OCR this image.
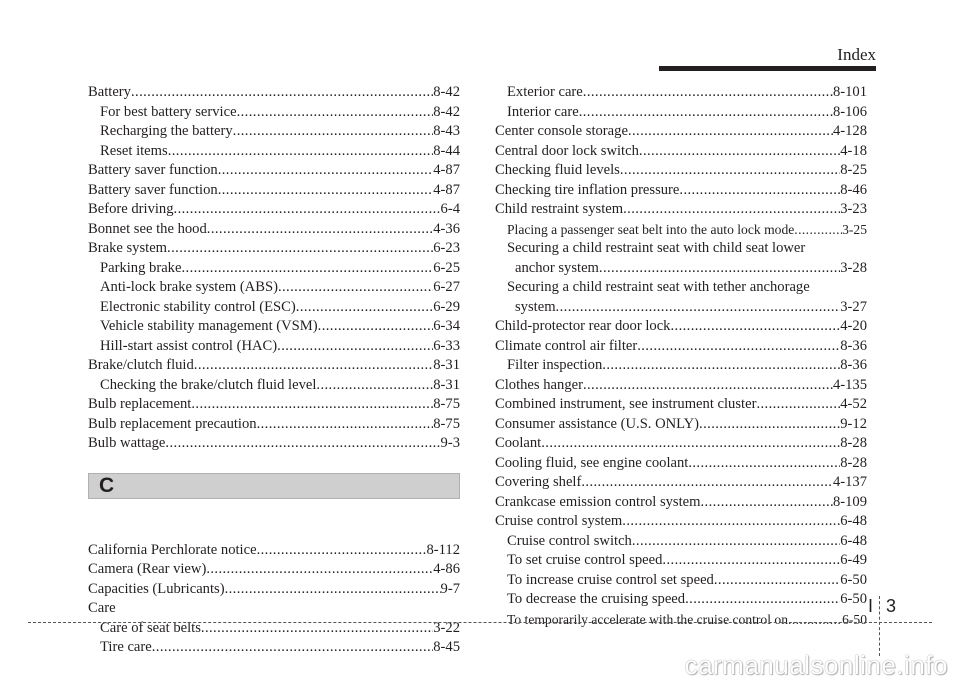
Index
Battery .....	8-42
For best battery service .....	8-42
Recharging the battery .....	8-43
Reset items .....	8-44
Battery saver function .....	4-87
Battery saver function .....	4-87
Before driving .....	6-4
Bonnet see the hood .....	4-36
Brake system .....	6-23
Parking brake .....	6-25
Anti-lock brake system (ABS) .....	6-27
Electronic stability control (ESC) .....	6-29
Vehicle stability management (VSM) .....	6-34
Hill-start assist control (HAC) .....	6-33
Brake/clutch fluid .....	8-31
Checking the brake/clutch fluid level .....	8-31
Bulb replacement .....	8-75
Bulb replacement precaution .....	8-75
Bulb wattage .....	9-3
C
California Perchlorate notice .....	8-112
Camera (Rear view) .....	4-86
Capacities (Lubricants) .....	9-7
Care
Care of seat belts .....	3-22
Tire care .....	8-45
Exterior care .....	8-101
Interior care .....	8-106
Center console storage .....	4-128
Central door lock switch .....	4-18
Checking fluid levels .....	8-25
Checking tire inflation pressure .....	8-46
Child restraint system .....	3-23
Placing a passenger seat belt into the auto lock mode .....	3-25
Securing a child restraint seat with child seat lower
anchor system .....	3-28
Securing a child restraint seat with tether anchorage
system .....	3-27
Child-protector rear door lock .....	4-20
Climate control air filter .....	8-36
Filter inspection .....	8-36
Clothes hanger .....	4-135
Combined instrument, see instrument cluster .....	4-52
Consumer assistance (U.S. ONLY) .....	9-12
Coolant .....	8-28
Cooling fluid, see engine coolant .....	8-28
Covering shelf .....	4-137
Crankcase emission control system .....	8-109
Cruise control system .....	6-48
Cruise control switch .....	6-48
To set cruise control speed .....	6-49
To increase cruise control set speed .....	6-50
To decrease the cruising speed .....	6-50
To temporarily accelerate with the cruise control on .....	6-50
I 3
carmanualsonline.info
